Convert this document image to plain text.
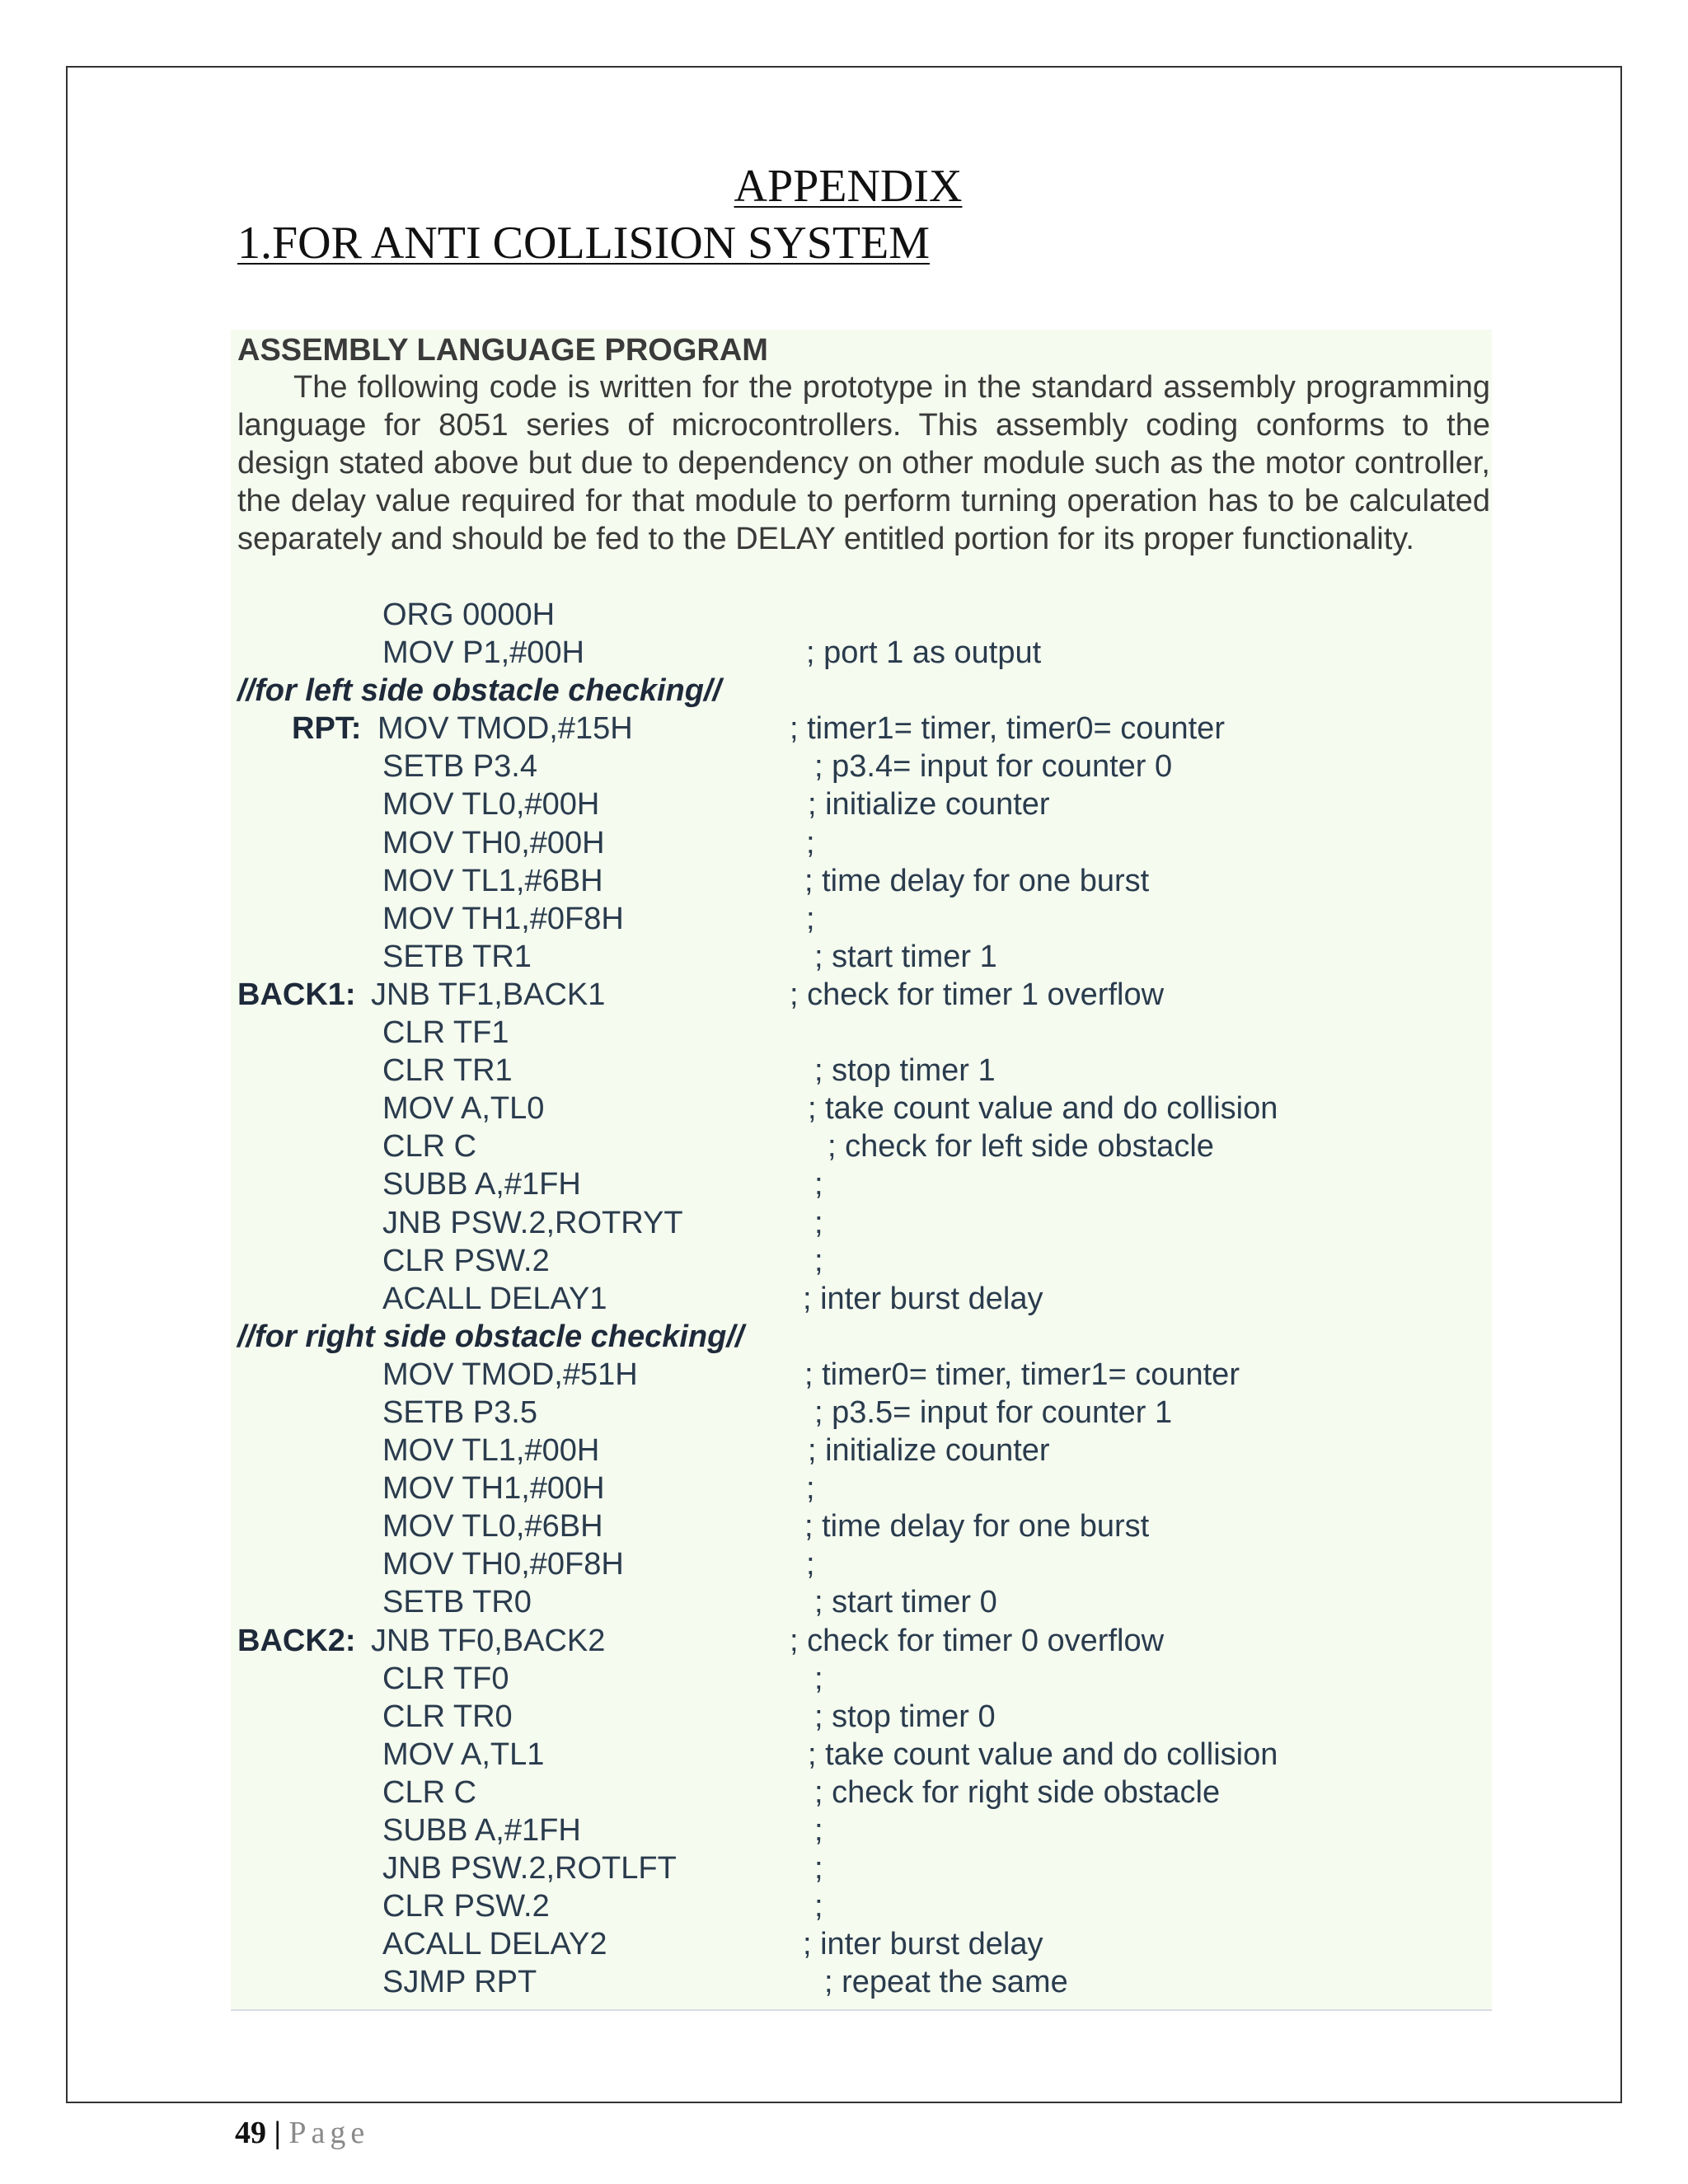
APPENDIX
1.FOR ANTI COLLISION SYSTEM
ASSEMBLY LANGUAGE PROGRAM

The following code is written for the prototype in the standard assembly programming language for 8051 series of microcontrollers. This assembly coding conforms to the design stated above but due to dependency on other module such as the motor controller, the delay value required for that module to perform turning operation has to be calculated separately and should be fed to the DELAY entitled portion for its proper functionality.

ORG 0000H
MOV P1,#00H	; port 1 as output
//for left side obstacle checking//
RPT: MOV TMOD,#15H	; timer1= timer, timer0= counter
SETB P3.4	; p3.4= input for counter 0
MOV TL0,#00H	; initialize counter
MOV TH0,#00H	;
MOV TL1,#6BH	; time delay for one burst
MOV TH1,#0F8H	;
SETB TR1	; start timer 1
BACK1: JNB TF1,BACK1	; check for timer 1 overflow
CLR TF1
CLR TR1	; stop timer 1
MOV A,TL0	; take count value and do collision
CLR C	; check for left side obstacle
SUBB A,#1FH	;
JNB PSW.2,ROTRYT	;
CLR PSW.2	;
ACALL DELAY1	; inter burst delay
//for right side obstacle checking//
MOV TMOD,#51H	; timer0= timer, timer1= counter
SETB P3.5	; p3.5= input for counter 1
MOV TL1,#00H	; initialize counter
MOV TH1,#00H	;
MOV TL0,#6BH	; time delay for one burst
MOV TH0,#0F8H	;
SETB TR0	; start timer 0
BACK2: JNB TF0,BACK2	; check for timer 0 overflow
CLR TF0	;
CLR TR0	; stop timer 0
MOV A,TL1	; take count value and do collision
CLR C	; check for right side obstacle
SUBB A,#1FH	;
JNB PSW.2,ROTLFT	;
CLR PSW.2	;
ACALL DELAY2	; inter burst delay
SJMP RPT	; repeat the same
49 | Page
